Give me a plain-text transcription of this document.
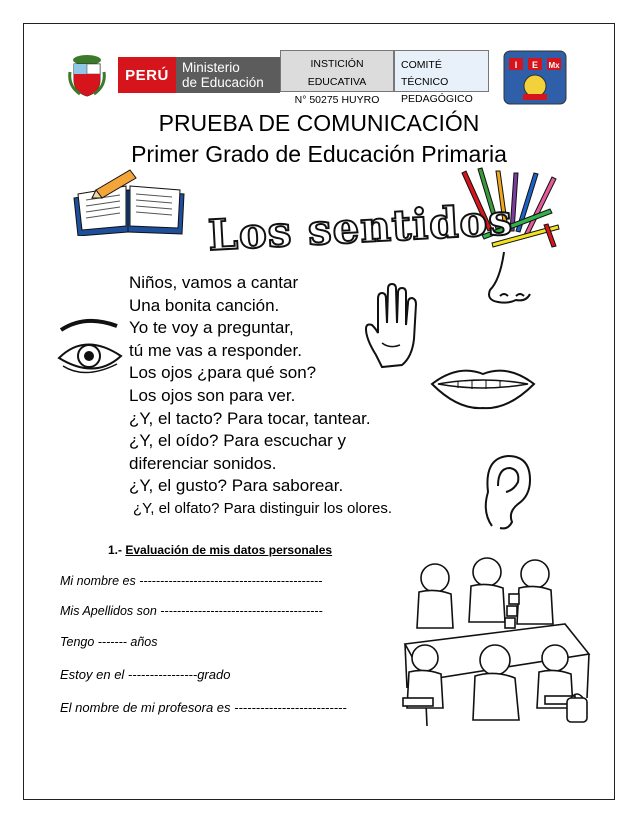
PERÚ Ministerio
de Educación
INSTICIÓN EDUCATIVA
N° 50275 HUYRO
COMITÉ TÉCNICO
PEDAGÓGICO
I E Mx
PRUEBA DE COMUNICACIÓN
Primer Grado de Educación Primaria
Los sentidos
Niños, vamos a cantar
Una bonita canción.
Yo te voy a preguntar,
tú me vas a responder.
Los ojos ¿para qué son?
Los ojos son para ver.
¿Y, el tacto? Para tocar, tantear.
¿Y, el oído? Para escuchar y
diferenciar sonidos.
¿Y, el gusto? Para saborear.
¿Y, el olfato? Para distinguir los olores.
1.- Evaluación de mis datos personales
Mi nombre es --------------------------------------------
Mis Apellidos son ---------------------------------------
Tengo ------- años
Estoy en el ----------------grado
El nombre de mi profesora es --------------------------
